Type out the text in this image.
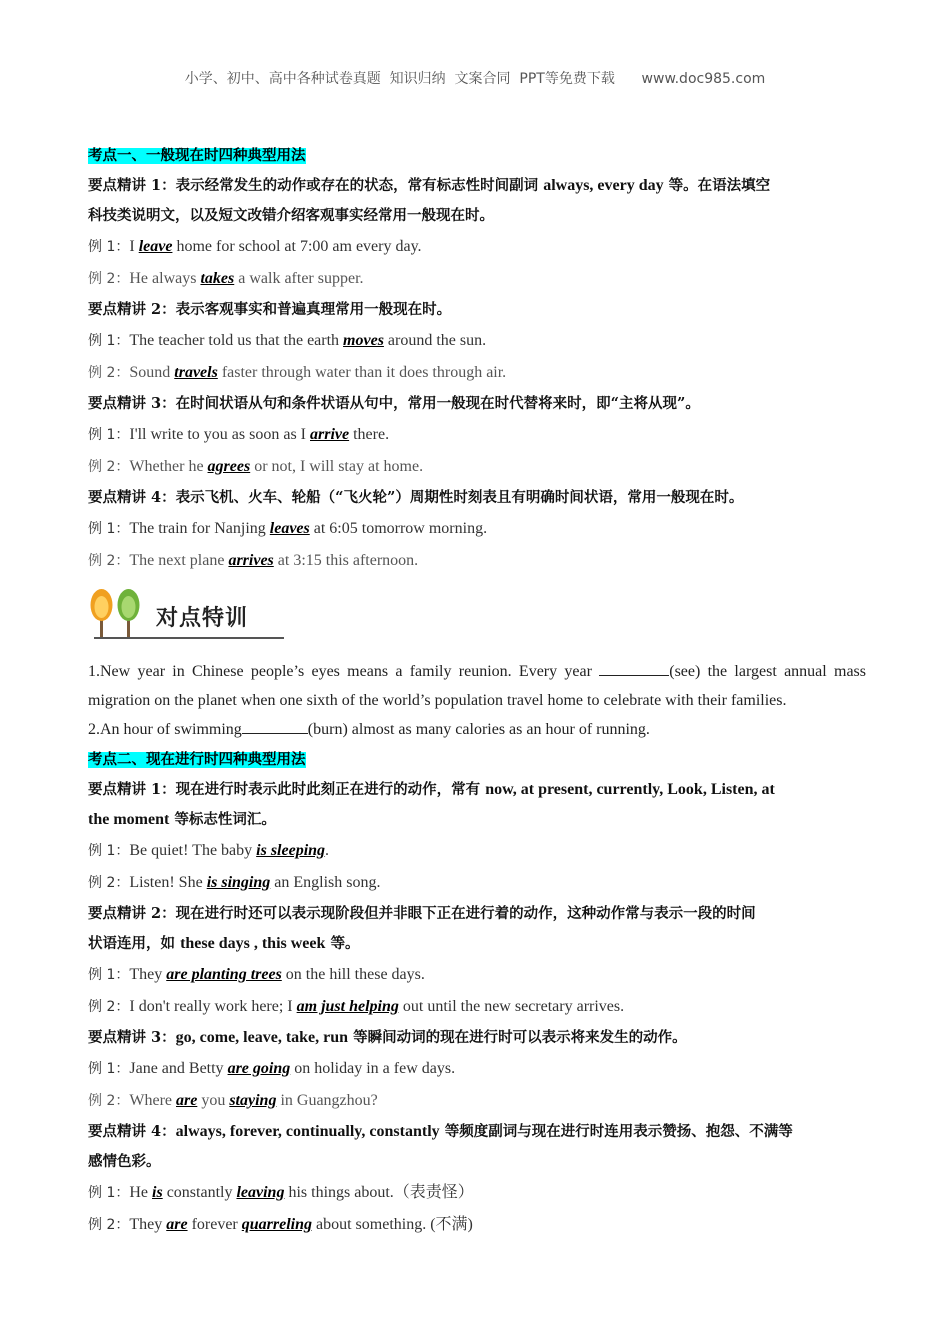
小学、初中、高中各种试卷真题  知识归纳  文案合同  PPT等免费下载      www.doc985.com
考点一、一般现在时四种典型用法
要点精讲 1：表示经常发生的动作或存在的状态，常有标志性时间副词 always, every day 等。在语法填空
科技类说明文，以及短文改错介绍客观事实经常用一般现在时。
例 1：I leave home for school at 7:00 am every day.
例 2：He always takes a walk after supper.
要点精讲 2：表示客观事实和普遍真理常用一般现在时。
例 1：The teacher told us that the earth moves around the sun.
例 2：Sound travels faster through water than it does through air.
要点精讲 3：在时间状语从句和条件状语从句中，常用一般现在时代替将来时，即“主将从现”。
例 1：I'll write to you as soon as I arrive there.
例 2：Whether he agrees or not, I will stay at home.
要点精讲 4：表示飞机、火车、轮船（“飞火轮”）周期性时刻表且有明确时间状语，常用一般现在时。
例 1：The train for Nanjing leaves at 6:05 tomorrow morning.
例 2：The next plane arrives at 3:15 this afternoon.
对点特训
1.New year in Chinese people’s eyes means a family reunion. Every year	(see) the largest annual mass migration on the planet when one sixth of the world’s population travel home to celebrate with their families.
2.An hour of swimming	(burn) almost as many calories as an hour of running.
考点二、现在进行时四种典型用法
要点精讲 1：现在进行时表示此时此刻正在进行的动作，常有 now, at present, currently, Look, Listen, at
the moment 等标志性词汇。
例 1：Be quiet! The baby is sleeping.
例 2：Listen! She is singing an English song.
要点精讲 2：现在进行时还可以表示现阶段但并非眼下正在进行着的动作，这种动作常与表示一段的时间
状语连用，如 these days , this week 等。
例 1：They are planting trees on the hill these days.
例 2：I don't really work here; I am just helping out until the new secretary arrives.
要点精讲 3：go, come, leave, take, run 等瞬间动词的现在进行时可以表示将来发生的动作。
例 1：Jane and Betty are going on holiday in a few days.
例 2：Where are you staying in Guangzhou?
要点精讲 4：always, forever, continually, constantly 等频度副词与现在进行时连用表示赞扬、抱怨、不满等
感情色彩。
例 1：He is constantly leaving his things about.（表责怪）
例 2：They are forever quarreling about something. (不满)
